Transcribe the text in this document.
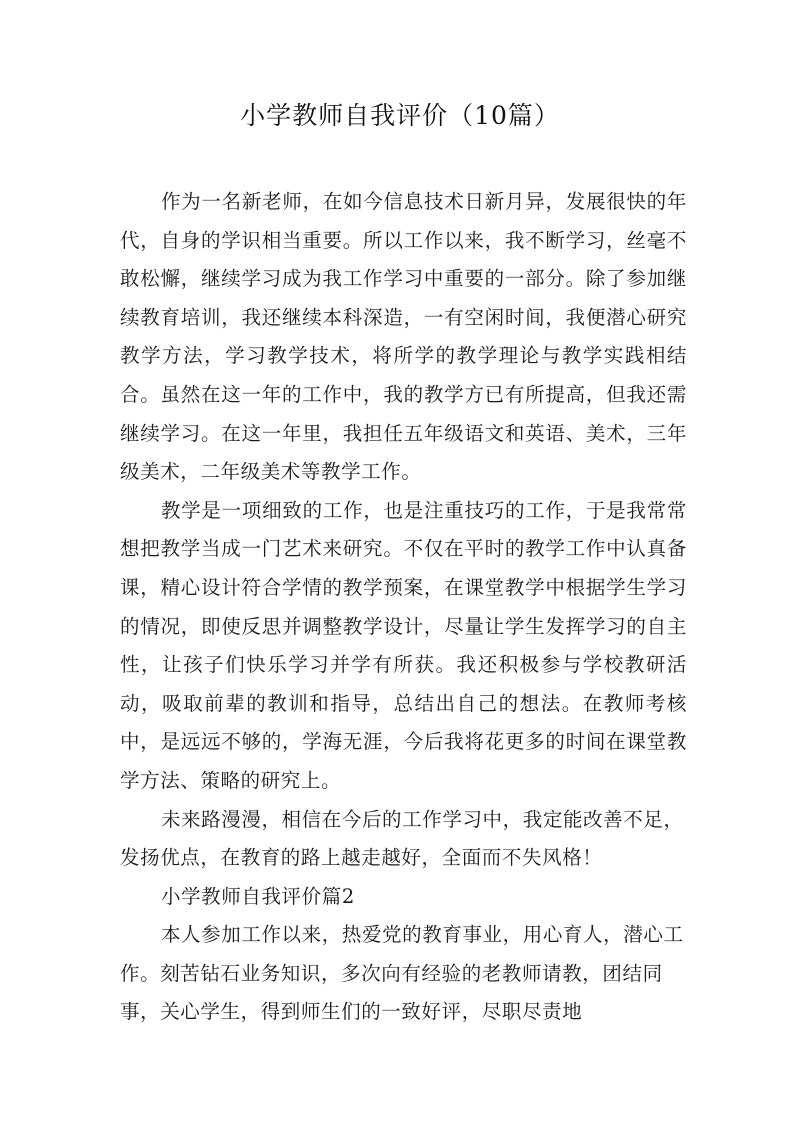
小学教师自我评价（10篇）

作为一名新老师，在如今信息技术日新月异，发展很快的年代，自身的学识相当重要。所以工作以来，我不断学习，丝毫不敢松懈，继续学习成为我工作学习中重要的一部分。除了参加继续教育培训，我还继续本科深造，一有空闲时间，我便潜心研究教学方法，学习教学技术，将所学的教学理论与教学实践相结合。虽然在这一年的工作中，我的教学方已有所提高，但我还需继续学习。在这一年里，我担任五年级语文和英语、美术，三年级美术，二年级美术等教学工作。

教学是一项细致的工作，也是注重技巧的工作，于是我常常想把教学当成一门艺术来研究。不仅在平时的教学工作中认真备课，精心设计符合学情的教学预案，在课堂教学中根据学生学习的情况，即使反思并调整教学设计，尽量让学生发挥学习的自主性，让孩子们快乐学习并学有所获。我还积极参与学校教研活动，吸取前辈的教训和指导，总结出自己的想法。在教师考核中，是远远不够的，学海无涯，今后我将花更多的时间在课堂教学方法、策略的研究上。

未来路漫漫，相信在今后的工作学习中，我定能改善不足，发扬优点，在教育的路上越走越好，全面而不失风格！

小学教师自我评价篇2

本人参加工作以来，热爱党的教育事业，用心育人，潜心工作。刻苦钻石业务知识，多次向有经验的老教师请教，团结同事，关心学生，得到师生们的一致好评，尽职尽责地
